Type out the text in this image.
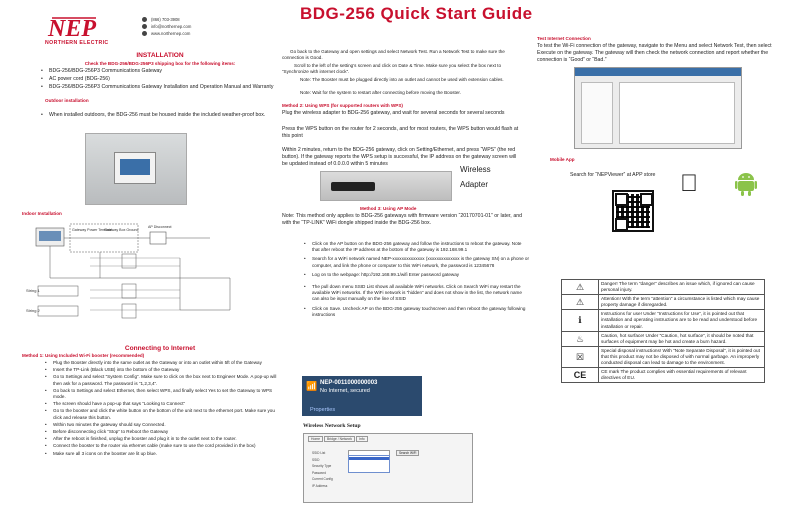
NEP
NORTHERN ELECTRIC
(866) 703-3908
info@northernep.com
www.northernep.com
BDG-256 Quick Start Guide
INSTALLATION
Check the BDG-256/BDG-256P3 shipping box for the following items:
• BDG-256/BDG-256P3 Communications Gateway
• AC power cord (BDG-256)
• BDG-256/BDG-256P3 Communications Gateway Installation and Operation Manual and Warranty
Outdoor installation
• When installed outdoors, the BDG-256 must be housed inside the included weather-proof box.
Indoor Installation
Gateway Power Terminal
Gateway Box Ground
AP Disconnect
String 1
String 2
Connecting to Internet
Method 1: Using Included Wi-Fi booster (recommended)
• Plug the Booster directly into the same outlet as the Gateway or into an outlet within 5ft of the Gateway
• Insert the TP-Link (Black USB) into the bottom of the Gateway
• Go to Settings and select “System Config”. Make sure to click on the box next to Engineer Mode. A pop-up will then ask for a password. The password is “1,2,3,4”.
• Go back to Settings and select Ethernet, then select WPS, and finally select Yes to set the Gateway to WPS mode.
• The screen should have a pop-up that says “Looking to Connect”
• Go to the booster and click the white button on the bottom of the unit next to the ethernet port. Make sure you click and release this button.
• Within two minutes the gateway should say Connected.
• Before disconnecting click “Stop” to Reboot the Gateway
• After the reboot is finished, unplug the booster and plug it in to the outlet next to the router.
• Connect the booster to the router via ethernet cable (make sure to use the cord provided in the box)
• Make sure all 3 icons on the booster are lit up blue.
Go back to the Gateway and open settings and select Network Test. Run a Network Test to make sure the connection is Good.
Scroll to the left of the setting’s screen and click on Date & Time. Make sure you select the box next to “Synchronize with internet clock”.
Note: The Booster must be plugged directly into an outlet and cannot be used with extension cables.
Note: Wait for the system to restart after connecting before moving the Booster.
Method 2: Using WPS (for supported routers with WPS)
Plug the wireless adapter to BDG-256 gateway, and wait for several seconds for several seconds
Press the WPS button on the router for 2 seconds, and for most routers, the WPS button would flash at this point
Within 2 minutes, return to the BDG-256 gateway, click on Setting/Ethernet, and press “WPS” (the red button). If the gateway reports the WPS setup is successful, the IP address on the gateway screen will be updated instead of 0.0.0.0 within 5 minutes
Wireless
Adapter
Method 3: Using AP Mode
Note: This method only applies to BDG-256 gateways with firmware version “20170701-01” or later, and with the “TP-LINK” WiFi dongle shipped inside the BDG-256 box.
• Click on the AP button on the BDG-256 gateway and follow the instructions to reboot the gateway. Note that after reboot the IP address at the bottom of the gateway is 192.168.99.1
• Search for a WiFi network named NEP-xxxxxxxxxxxxxx (xxxxxxxxxxxxxx is the gateway SN) on a phone or computer, and link the phone or computer to this WiFi network, the password is 12345678
• Log on to the webpage: http://192.168.99.1/wifi Enter password gateway
• The pull down menu SSID List shows all available WiFi networks. Click on Search WiFi may restart the available WiFi networks. If the WiFi network is “hidden” and does not show in the list, the network name can also be input manually on the line of SSID
• Click on Save. Uncheck AP on the BDG-256 gateway touchscreen and then reboot the gateway following instructions
📶 NEP-0011000000003
No Internet, secured
Properties
Wireless Network Setup
Home Bridge / Network Info
SSID List
SSID
Security Type
Password
Current Config
IP Address
Search WiFi
Test Internet Connection
To test the Wi-Fi connection of the gateway, navigate to the Menu and select Network Test, then select Execute on the gateway. The gateway will then check the network connection and report whether the connection is “Good” or “Bad.”
Mobile App
Search for “NEPViewer” at APP store
⚠	Danger! The term “danger” describes an issue which, if ignored can cause personal injury.
⚠	Attention! With the term “attention” a circumstance is listed which may cause property damage if disregarded.
ℹ	Instructions for use! Under “Instructions for Use”, it is pointed out that installation and operating instructions are to be read and understood before installation or repair.
♨	Caution, hot surface! Under “Caution, hot surface”, it should be noted that surfaces of equipment may be hot and create a burn hazard.
☒	Special disposal instructions! With “Note Separate Disposal”, it is pointed out that this product may not be disposed of with normal garbage. An improperly conducted disposal can lead to damage to the environment.
CE	CE mark The product complies with essential requirements of relevant directives of EU.
